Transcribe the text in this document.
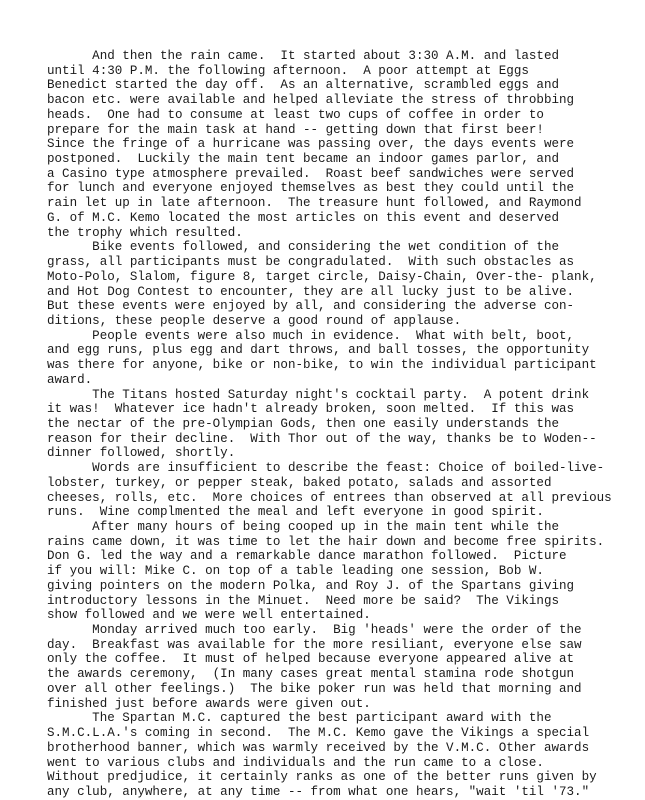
And then the rain came.  It started about 3:30 A.M. and lasted
until 4:30 P.M. the following afternoon.  A poor attempt at Eggs
Benedict started the day off.  As an alternative, scrambled eggs and
bacon etc. were available and helped alleviate the stress of throbbing
heads.  One had to consume at least two cups of coffee in order to
prepare for the main task at hand -- getting down that first beer!
Since the fringe of a hurricane was passing over, the days events were
postponed.  Luckily the main tent became an indoor games parlor, and
a Casino type atmosphere prevailed.  Roast beef sandwiches were served
for lunch and everyone enjoyed themselves as best they could until the
rain let up in late afternoon.  The treasure hunt followed, and Raymond
G. of M.C. Kemo located the most articles on this event and deserved
the trophy which resulted.
Bike events followed, and considering the wet condition of the
grass, all participants must be congradulated.  With such obstacles as
Moto-Polo, Slalom, figure 8, target circle, Daisy-Chain, Over-the- plank,
and Hot Dog Contest to encounter, they are all lucky just to be alive.
But these events were enjoyed by all, and considering the adverse con-
ditions, these people deserve a good round of applause.
People events were also much in evidence.  What with belt, boot,
and egg runs, plus egg and dart throws, and ball tosses, the opportunity
was there for anyone, bike or non-bike, to win the individual participant
award.
The Titans hosted Saturday night's cocktail party.  A potent drink
it was!  Whatever ice hadn't already broken, soon melted.  If this was
the nectar of the pre-Olympian Gods, then one easily understands the
reason for their decline.  With Thor out of the way, thanks be to Woden--
dinner followed, shortly.
Words are insufficient to describe the feast: Choice of boiled-live-
lobster, turkey, or pepper steak, baked potato, salads and assorted
cheeses, rolls, etc.  More choices of entrees than observed at all previous
runs.  Wine complmented the meal and left everyone in good spirit.
After many hours of being cooped up in the main tent while the
rains came down, it was time to let the hair down and become free spirits.
Don G. led the way and a remarkable dance marathon followed.  Picture
if you will: Mike C. on top of a table leading one session, Bob W.
giving pointers on the modern Polka, and Roy J. of the Spartans giving
introductory lessons in the Minuet.  Need more be said?  The Vikings
show followed and we were well entertained.
Monday arrived much too early.  Big 'heads' were the order of the
day.  Breakfast was available for the more resiliant, everyone else saw
only the coffee.  It must of helped because everyone appeared alive at
the awards ceremony,  (In many cases great mental stamina rode shotgun
over all other feelings.)  The bike poker run was held that morning and
finished just before awards were given out.
The Spartan M.C. captured the best participant award with the
S.M.C.L.A.'s coming in second.  The M.C. Kemo gave the Vikings a special
brotherhood banner, which was warmly received by the V.M.C. Other awards
went to various clubs and individuals and the run came to a close.
Without predjudice, it certainly ranks as one of the better runs given by
any club, anywhere, at any time -- from what one hears, "wait 'til '73."
